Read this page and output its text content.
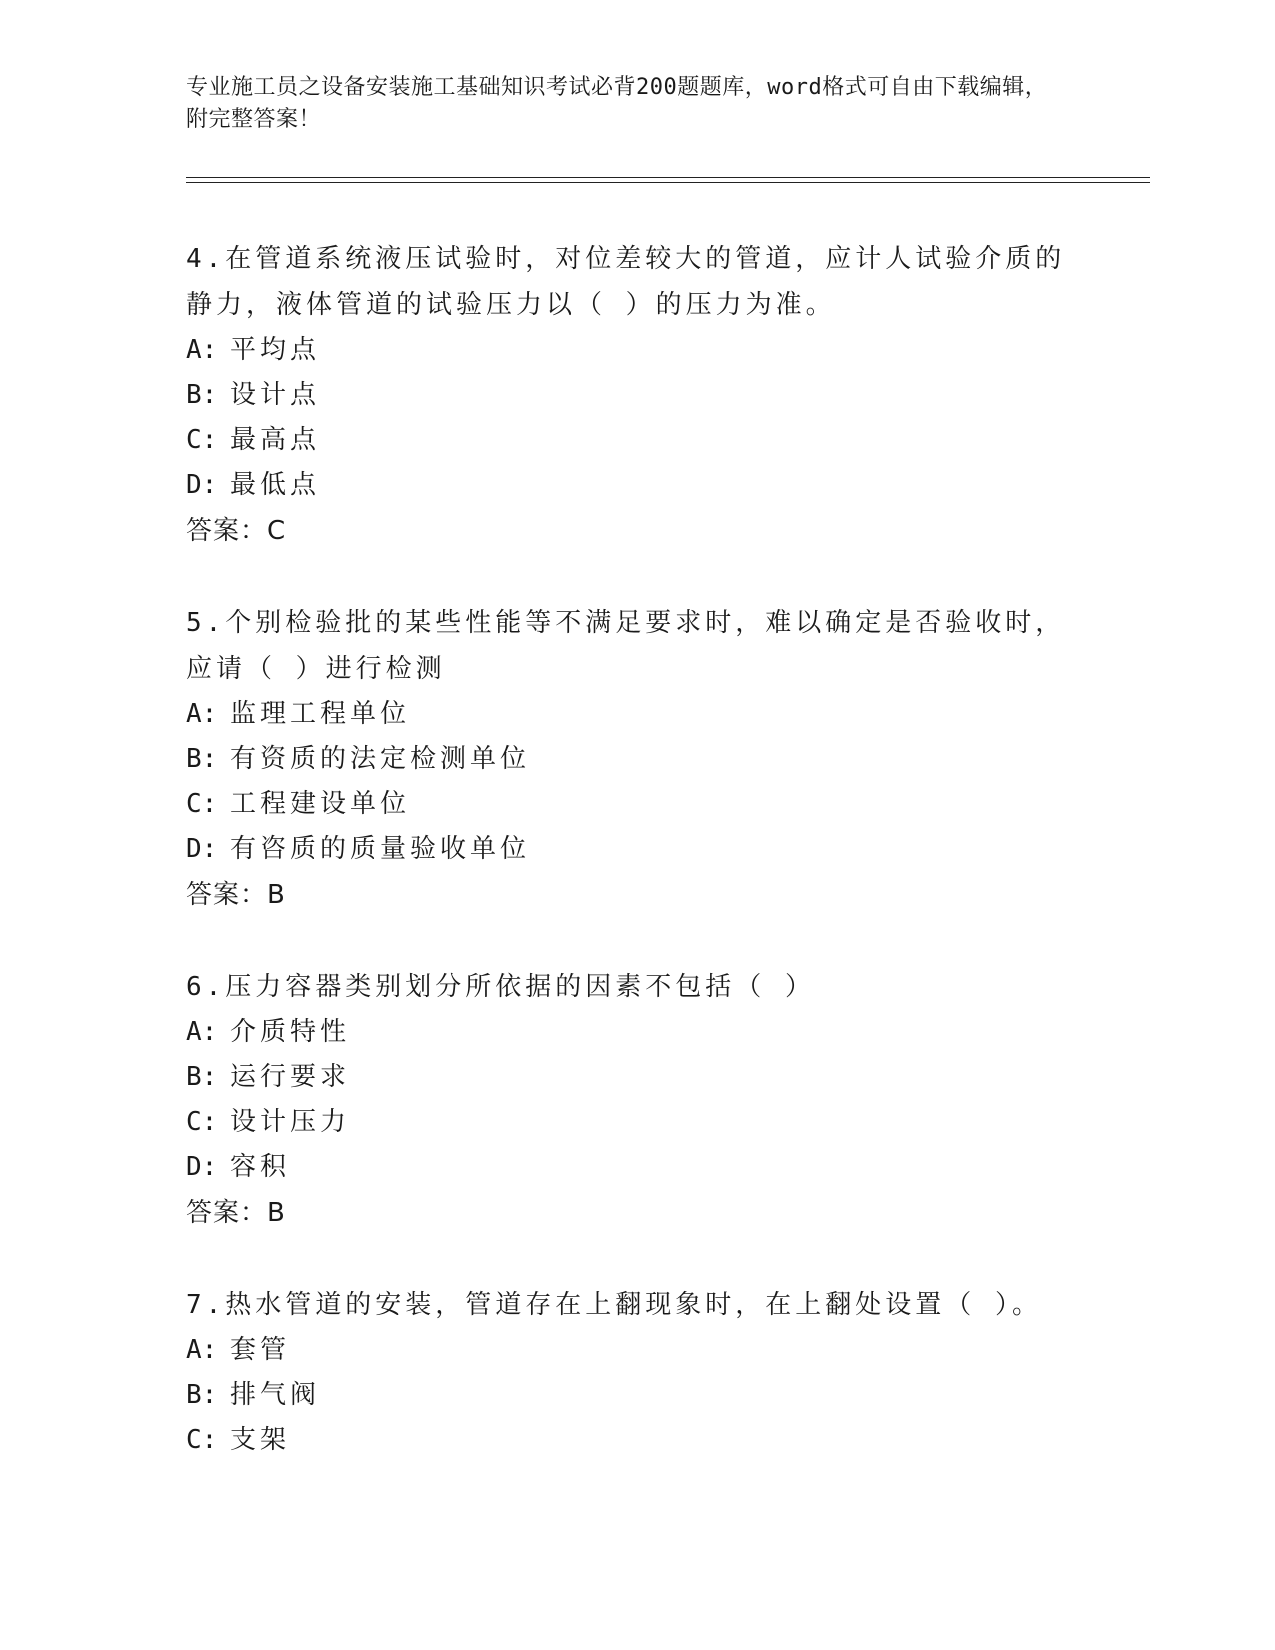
专业施工员之设备安装施工基础知识考试必背200题题库，word格式可自由下载编辑，附完整答案！

4.在管道系统液压试验时，对位差较大的管道，应计人试验介质的静力，液体管道的试验压力以（ ）的压力为准。

A: 平均点

B: 设计点

C: 最高点

D: 最低点

答案：C

5.个别检验批的某些性能等不满足要求时，难以确定是否验收时，应请（ ）进行检测

A: 监理工程单位

B: 有资质的法定检测单位

C: 工程建设单位

D: 有咨质的质量验收单位

答案：B

6.压力容器类别划分所依据的因素不包括（ ）

A: 介质特性

B: 运行要求

C: 设计压力

D: 容积

答案：B

7.热水管道的安装，管道存在上翻现象时，在上翻处设置（ ）。

A: 套管

B: 排气阀

C: 支架
